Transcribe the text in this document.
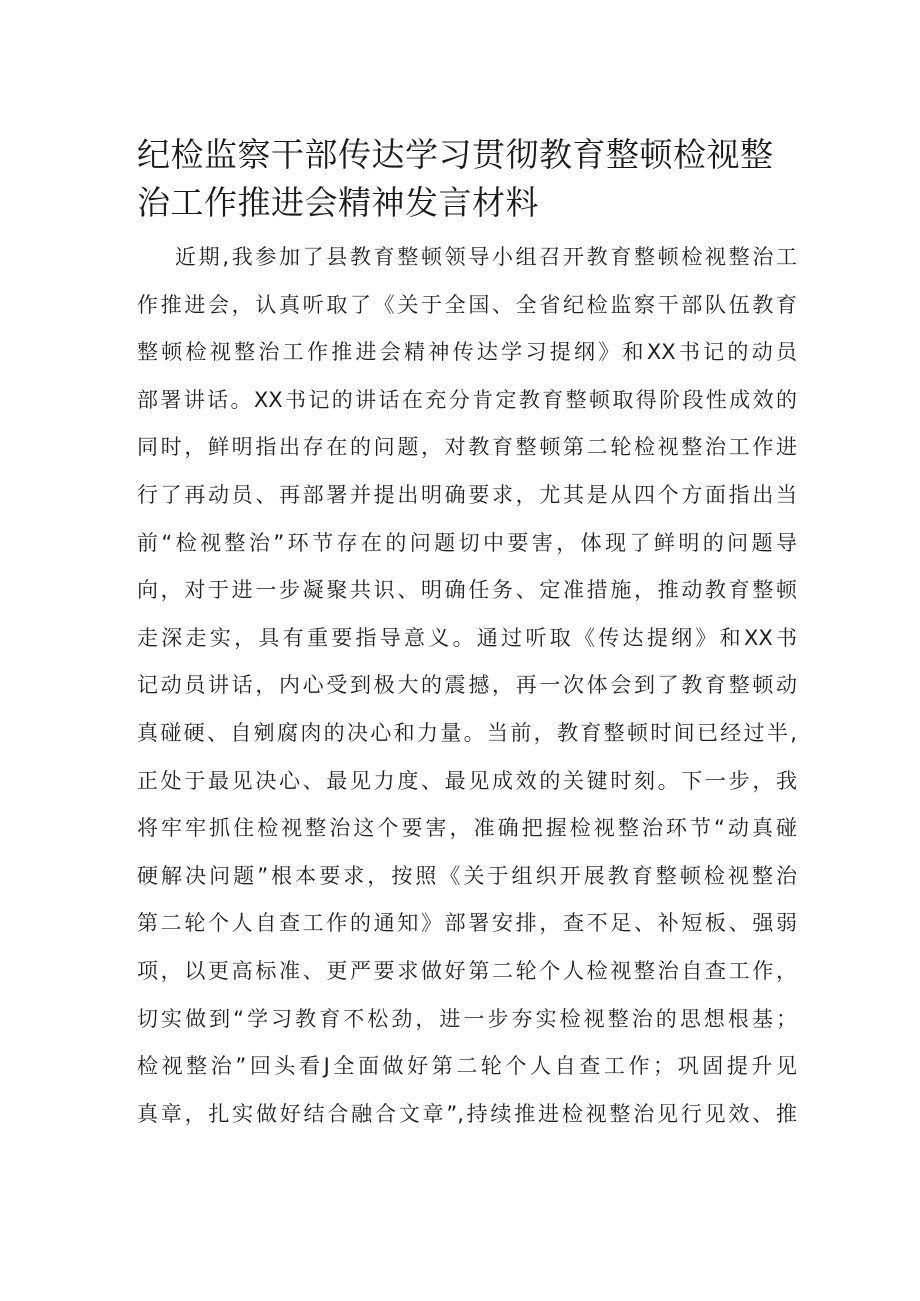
纪检监察干部传达学习贯彻教育整顿检视整
治工作推进会精神发言材料
近期,我参加了县教育整顿领导小组召开教育整顿检视整治工
作推进会，认真听取了《关于全国、全省纪检监察干部队伍教育
整顿检视整治工作推进会精神传达学习提纲》和XX书记的动员
部署讲话。XX书记的讲话在充分肯定教育整顿取得阶段性成效的
同时，鲜明指出存在的问题，对教育整顿第二轮检视整治工作进
行了再动员、再部署并提出明确要求，尤其是从四个方面指出当
前“检视整治”环节存在的问题切中要害，体现了鲜明的问题导
向，对于进一步凝聚共识、明确任务、定准措施，推动教育整顿
走深走实，具有重要指导意义。通过听取《传达提纲》和XX书
记动员讲话，内心受到极大的震撼，再一次体会到了教育整顿动
真碰硬、自剜腐肉的决心和力量。当前，教育整顿时间已经过半,
正处于最见决心、最见力度、最见成效的关键时刻。下一步，我
将牢牢抓住检视整治这个要害，准确把握检视整治环节“动真碰
硬解决问题”根本要求，按照《关于组织开展教育整顿检视整治
第二轮个人自查工作的通知》部署安排，查不足、补短板、强弱
项，以更高标准、更严要求做好第二轮个人检视整治自查工作，
切实做到“学习教育不松劲，进一步夯实检视整治的思想根基；
检视整治”回头看J全面做好第二轮个人自查工作；巩固提升见
真章，扎实做好结合融合文章”,持续推进检视整治见行见效、推
